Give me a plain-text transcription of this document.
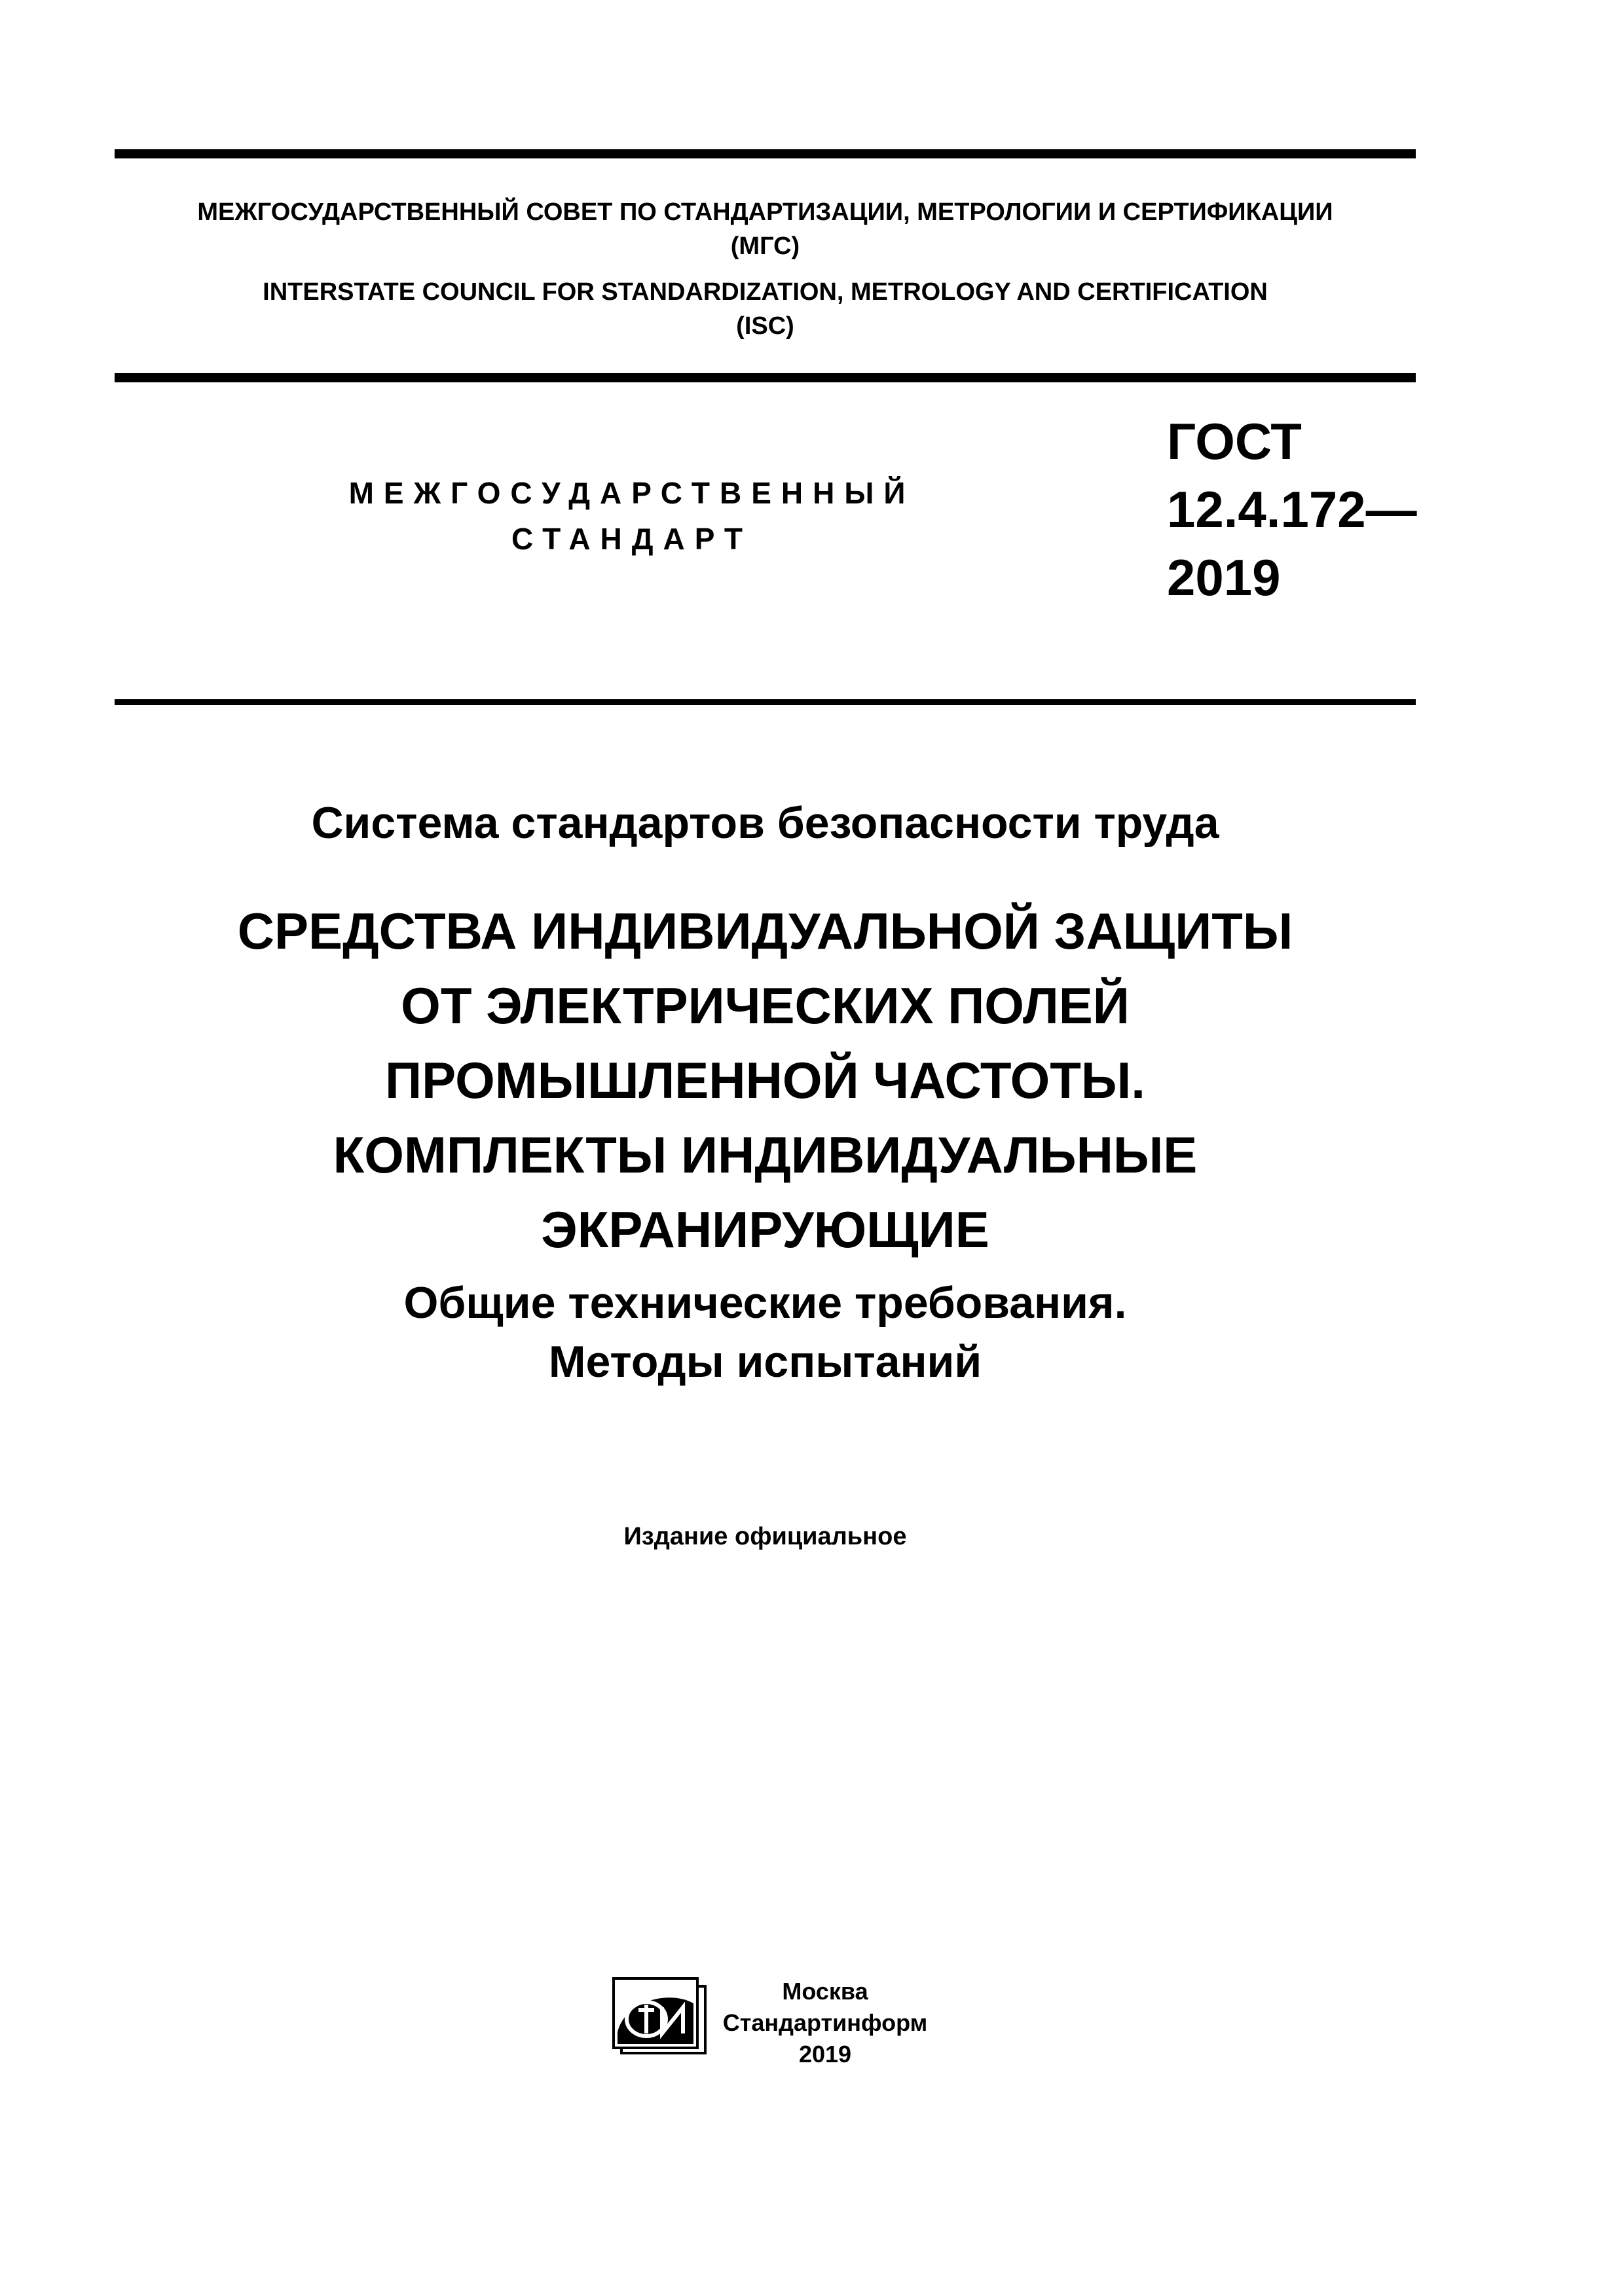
МЕЖГОСУДАРСТВЕННЫЙ СОВЕТ ПО СТАНДАРТИЗАЦИИ, МЕТРОЛОГИИ И СЕРТИФИКАЦИИ
(МГС)
INTERSTATE COUNCIL FOR STANDARDIZATION, METROLOGY AND CERTIFICATION
(ISC)
МЕЖГОСУДАРСТВЕННЫЙ
СТАНДАРТ
ГОСТ
12.4.172—
2019
Система стандартов безопасности труда
СРЕДСТВА ИНДИВИДУАЛЬНОЙ ЗАЩИТЫ
ОТ ЭЛЕКТРИЧЕСКИХ ПОЛЕЙ
ПРОМЫШЛЕННОЙ ЧАСТОТЫ.
КОМПЛЕКТЫ ИНДИВИДУАЛЬНЫЕ
ЭКРАНИРУЮЩИЕ
Общие технические требования.
Методы испытаний
Издание официальное
Москва
Стандартинформ
2019
